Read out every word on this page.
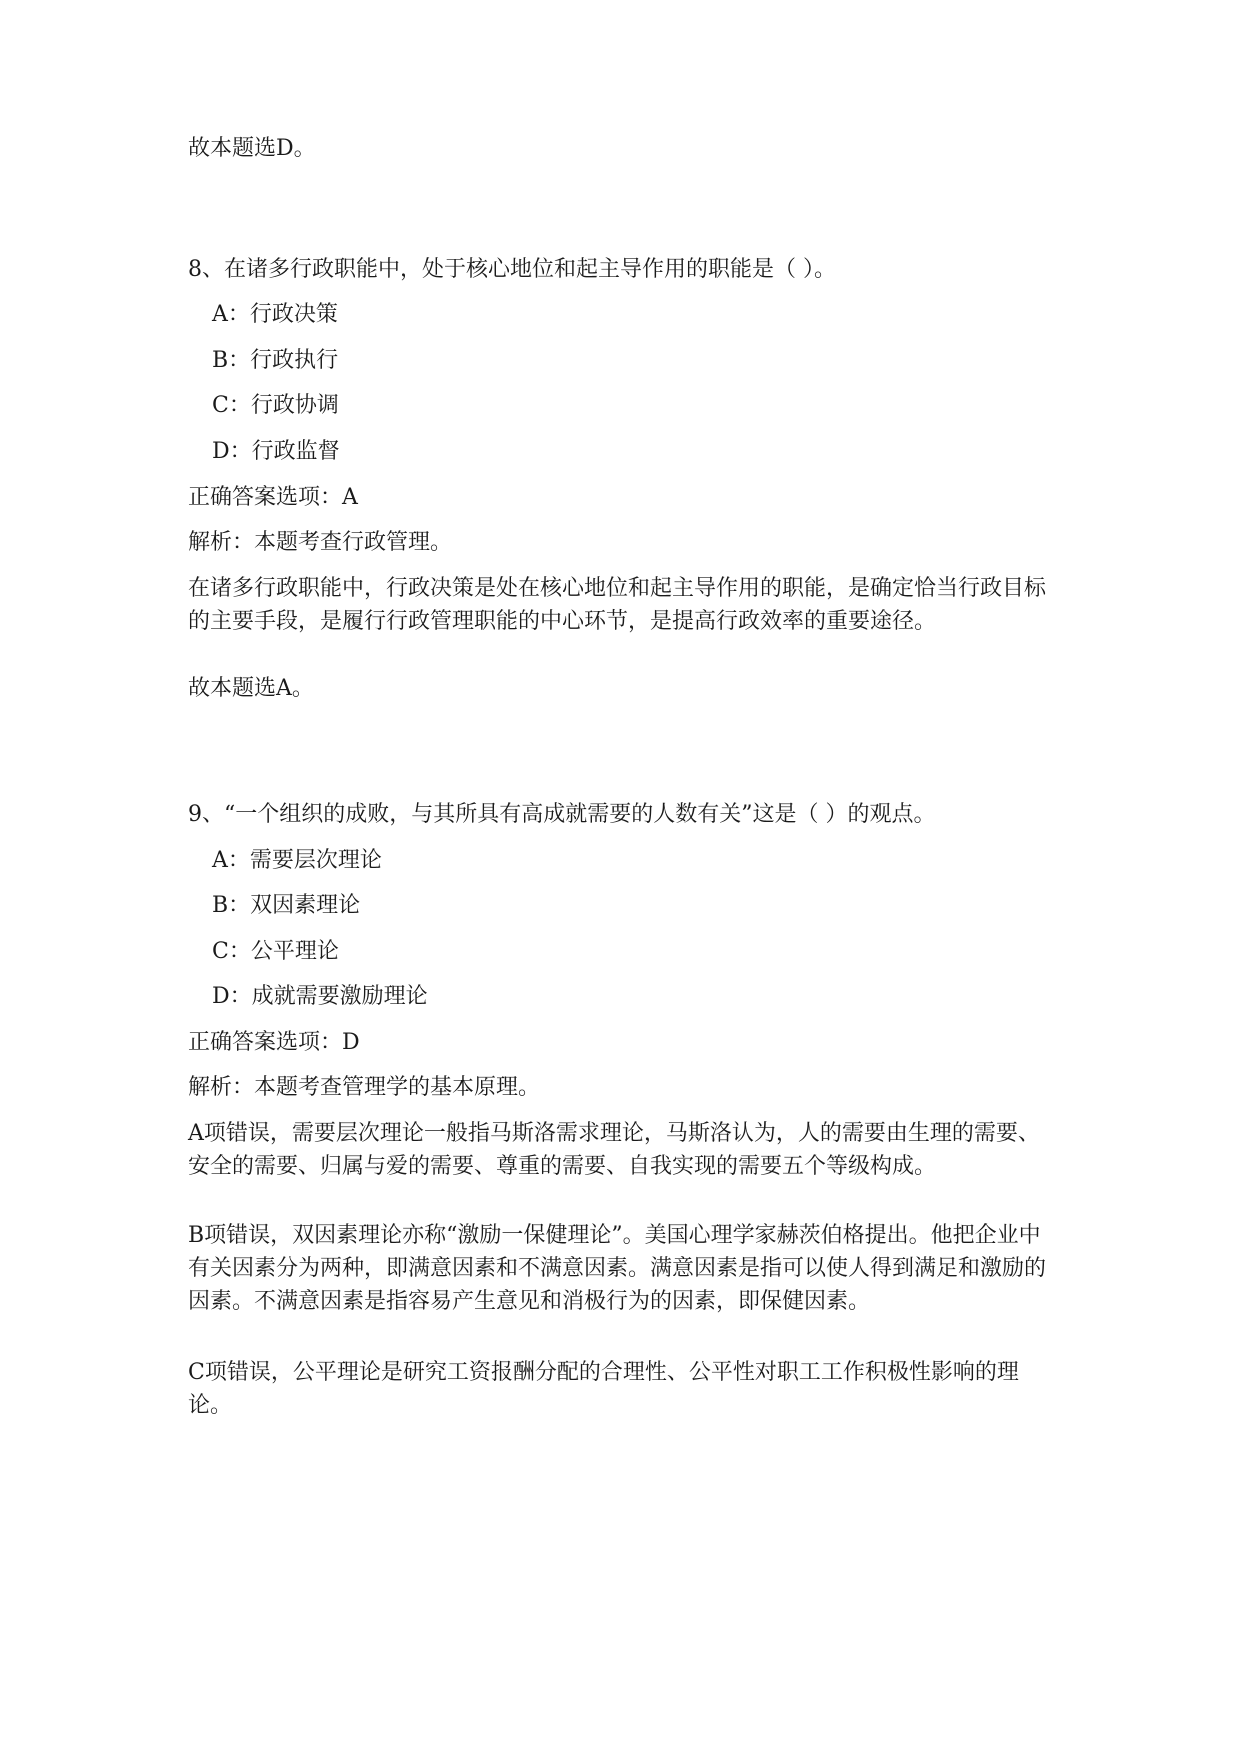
故本题选D。
8、在诸多行政职能中，处于核心地位和起主导作用的职能是（ ）。
A：行政决策
B：行政执行
C：行政协调
D：行政监督
正确答案选项：A
解析：本题考查行政管理。
在诸多行政职能中，行政决策是处在核心地位和起主导作用的职能，是确定恰当行政目标的主要手段，是履行行政管理职能的中心环节，是提高行政效率的重要途径。
故本题选A。
9、“一个组织的成败，与其所具有高成就需要的人数有关”这是（ ）的观点。
A：需要层次理论
B：双因素理论
C：公平理论
D：成就需要激励理论
正确答案选项：D
解析：本题考查管理学的基本原理。
A项错误，需要层次理论一般指马斯洛需求理论，马斯洛认为，人的需要由生理的需要、安全的需要、归属与爱的需要、尊重的需要、自我实现的需要五个等级构成。
B项错误，双因素理论亦称“激励一保健理论”。美国心理学家赫茨伯格提出。他把企业中有关因素分为两种，即满意因素和不满意因素。满意因素是指可以使人得到满足和激励的因素。不满意因素是指容易产生意见和消极行为的因素，即保健因素。
C项错误，公平理论是研究工资报酬分配的合理性、公平性对职工工作积极性影响的理论。
